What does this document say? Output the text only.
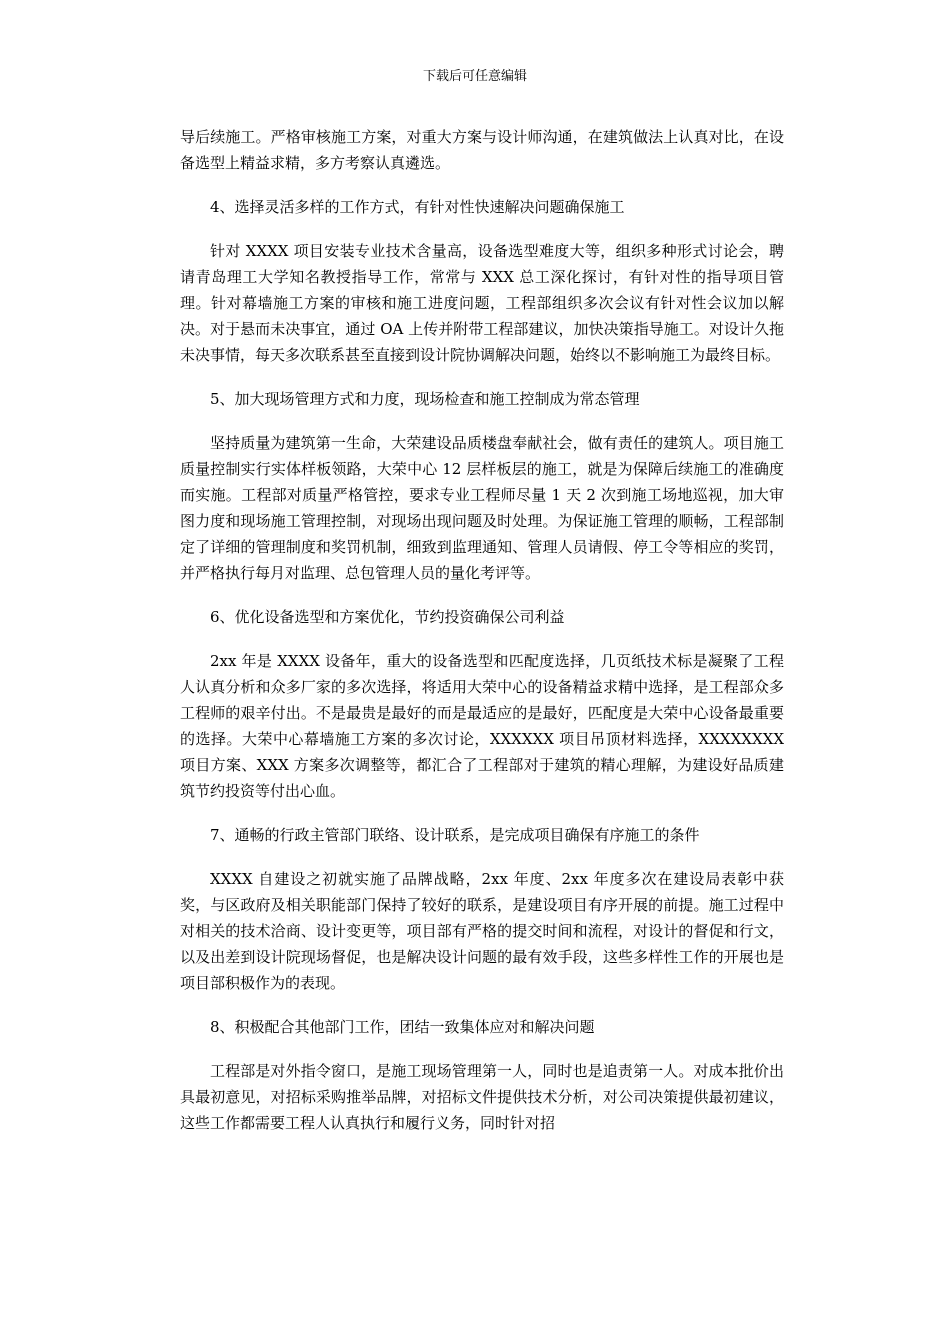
下载后可任意编辑

导后续施工。严格审核施工方案，对重大方案与设计师沟通，在建筑做法上认真对比，在设备选型上精益求精，多方考察认真遴选。

4、选择灵活多样的工作方式，有针对性快速解决问题确保施工

针对 XXXX 项目安装专业技术含量高，设备选型难度大等，组织多种形式讨论会，聘请青岛理工大学知名教授指导工作，常常与 XXX 总工深化探讨，有针对性的指导项目管理。针对幕墙施工方案的审核和施工进度问题，工程部组织多次会议有针对性会议加以解决。对于悬而未决事宜，通过 OA 上传并附带工程部建议，加快决策指导施工。对设计久拖未决事情，每天多次联系甚至直接到设计院协调解决问题，始终以不影响施工为最终目标。

5、加大现场管理方式和力度，现场检查和施工控制成为常态管理

坚持质量为建筑第一生命，大荣建设品质楼盘奉献社会，做有责任的建筑人。项目施工质量控制实行实体样板领路，大荣中心 12 层样板层的施工，就是为保障后续施工的准确度而实施。工程部对质量严格管控，要求专业工程师尽量 1 天 2 次到施工场地巡视，加大审图力度和现场施工管理控制，对现场出现问题及时处理。为保证施工管理的顺畅，工程部制定了详细的管理制度和奖罚机制，细致到监理通知、管理人员请假、停工令等相应的奖罚，并严格执行每月对监理、总包管理人员的量化考评等。

6、优化设备选型和方案优化，节约投资确保公司利益

2xx 年是 XXXX 设备年，重大的设备选型和匹配度选择，几页纸技术标是凝聚了工程人认真分析和众多厂家的多次选择，将适用大荣中心的设备精益求精中选择，是工程部众多工程师的艰辛付出。不是最贵是最好的而是最适应的是最好，匹配度是大荣中心设备最重要的选择。大荣中心幕墙施工方案的多次讨论，XXXXXX 项目吊顶材料选择，XXXXXXXX 项目方案、XXX 方案多次调整等，都汇合了工程部对于建筑的精心理解，为建设好品质建筑节约投资等付出心血。

7、通畅的行政主管部门联络、设计联系，是完成项目确保有序施工的条件

XXXX 自建设之初就实施了品牌战略，2xx 年度、2xx 年度多次在建设局表彰中获奖，与区政府及相关职能部门保持了较好的联系，是建设项目有序开展的前提。施工过程中对相关的技术洽商、设计变更等，项目部有严格的提交时间和流程，对设计的督促和行文，以及出差到设计院现场督促，也是解决设计问题的最有效手段，这些多样性工作的开展也是项目部积极作为的表现。

8、积极配合其他部门工作，团结一致集体应对和解决问题

工程部是对外指令窗口，是施工现场管理第一人，同时也是追责第一人。对成本批价出具最初意见，对招标采购推举品牌，对招标文件提供技术分析，对公司决策提供最初建议，这些工作都需要工程人认真执行和履行义务，同时针对招
